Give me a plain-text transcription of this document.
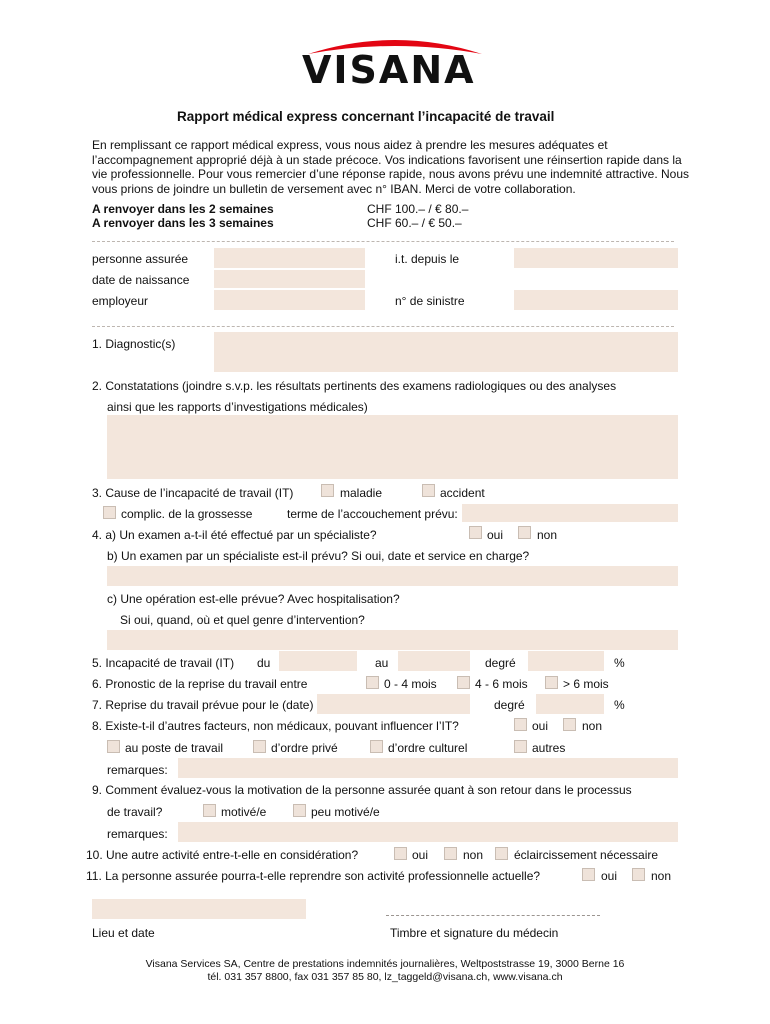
VISANA
Rapport médical express concernant l’incapacité de travail
En remplissant ce rapport médical express, vous nous aidez à prendre les mesures adéquates et l’accompagnement approprié déjà à un stade précoce. Vos indications favorisent une réinsertion rapide dans la vie professionnelle. Pour vous remercier d’une réponse rapide, nous avons prévu une indemnité attractive. Nous vous prions de joindre un bulletin de versement avec n° IBAN. Merci de votre collaboration.
A renvoyer dans les 2 semaines	CHF 100.– / € 80.–
A renvoyer dans les 3 semaines	CHF 60.– / € 50.–
personne assurée	i.t. depuis le
date de naissance
employeur	n° de sinistre
1. Diagnostic(s)
2. Constatations (joindre s.v.p. les résultats pertinents des examens radiologiques ou des analyses
ainsi que les rapports d’investigations médicales)
3. Cause de l’incapacité de travail (IT)	maladie	accident
complic. de la grossesse	terme de l’accouchement prévu:
4. a) Un examen a-t-il été effectué par un spécialiste?	oui	non
b) Un examen par un spécialiste est-il prévu? Si oui, date et service en charge?
c) Une opération est-elle prévue? Avec hospitalisation?
Si oui, quand, où et quel genre d’intervention?
5. Incapacité de travail (IT) du	au	degré	%
6. Pronostic de la reprise du travail entre	0 - 4 mois	4 - 6 mois	> 6 mois
7. Reprise du travail prévue pour le (date)	degré	%
8. Existe-t-il d’autres facteurs, non médicaux, pouvant influencer l’IT?	oui	non
au poste de travail	d’ordre privé	d’ordre culturel	autres
remarques:
9. Comment évaluez-vous la motivation de la personne assurée quant à son retour dans le processus
de travail?	motivé/e	peu motivé/e
remarques:
10. Une autre activité entre-t-elle en considération?	oui	non	éclaircissement nécessaire
11. La personne assurée pourra-t-elle reprendre son activité professionnelle actuelle?	oui	non
Lieu et date	Timbre et signature du médecin
Visana Services SA, Centre de prestations indemnités journalières, Weltpoststrasse 19, 3000 Berne 16
tél. 031 357 8800, fax 031 357 85 80, lz_taggeld@visana.ch, www.visana.ch
